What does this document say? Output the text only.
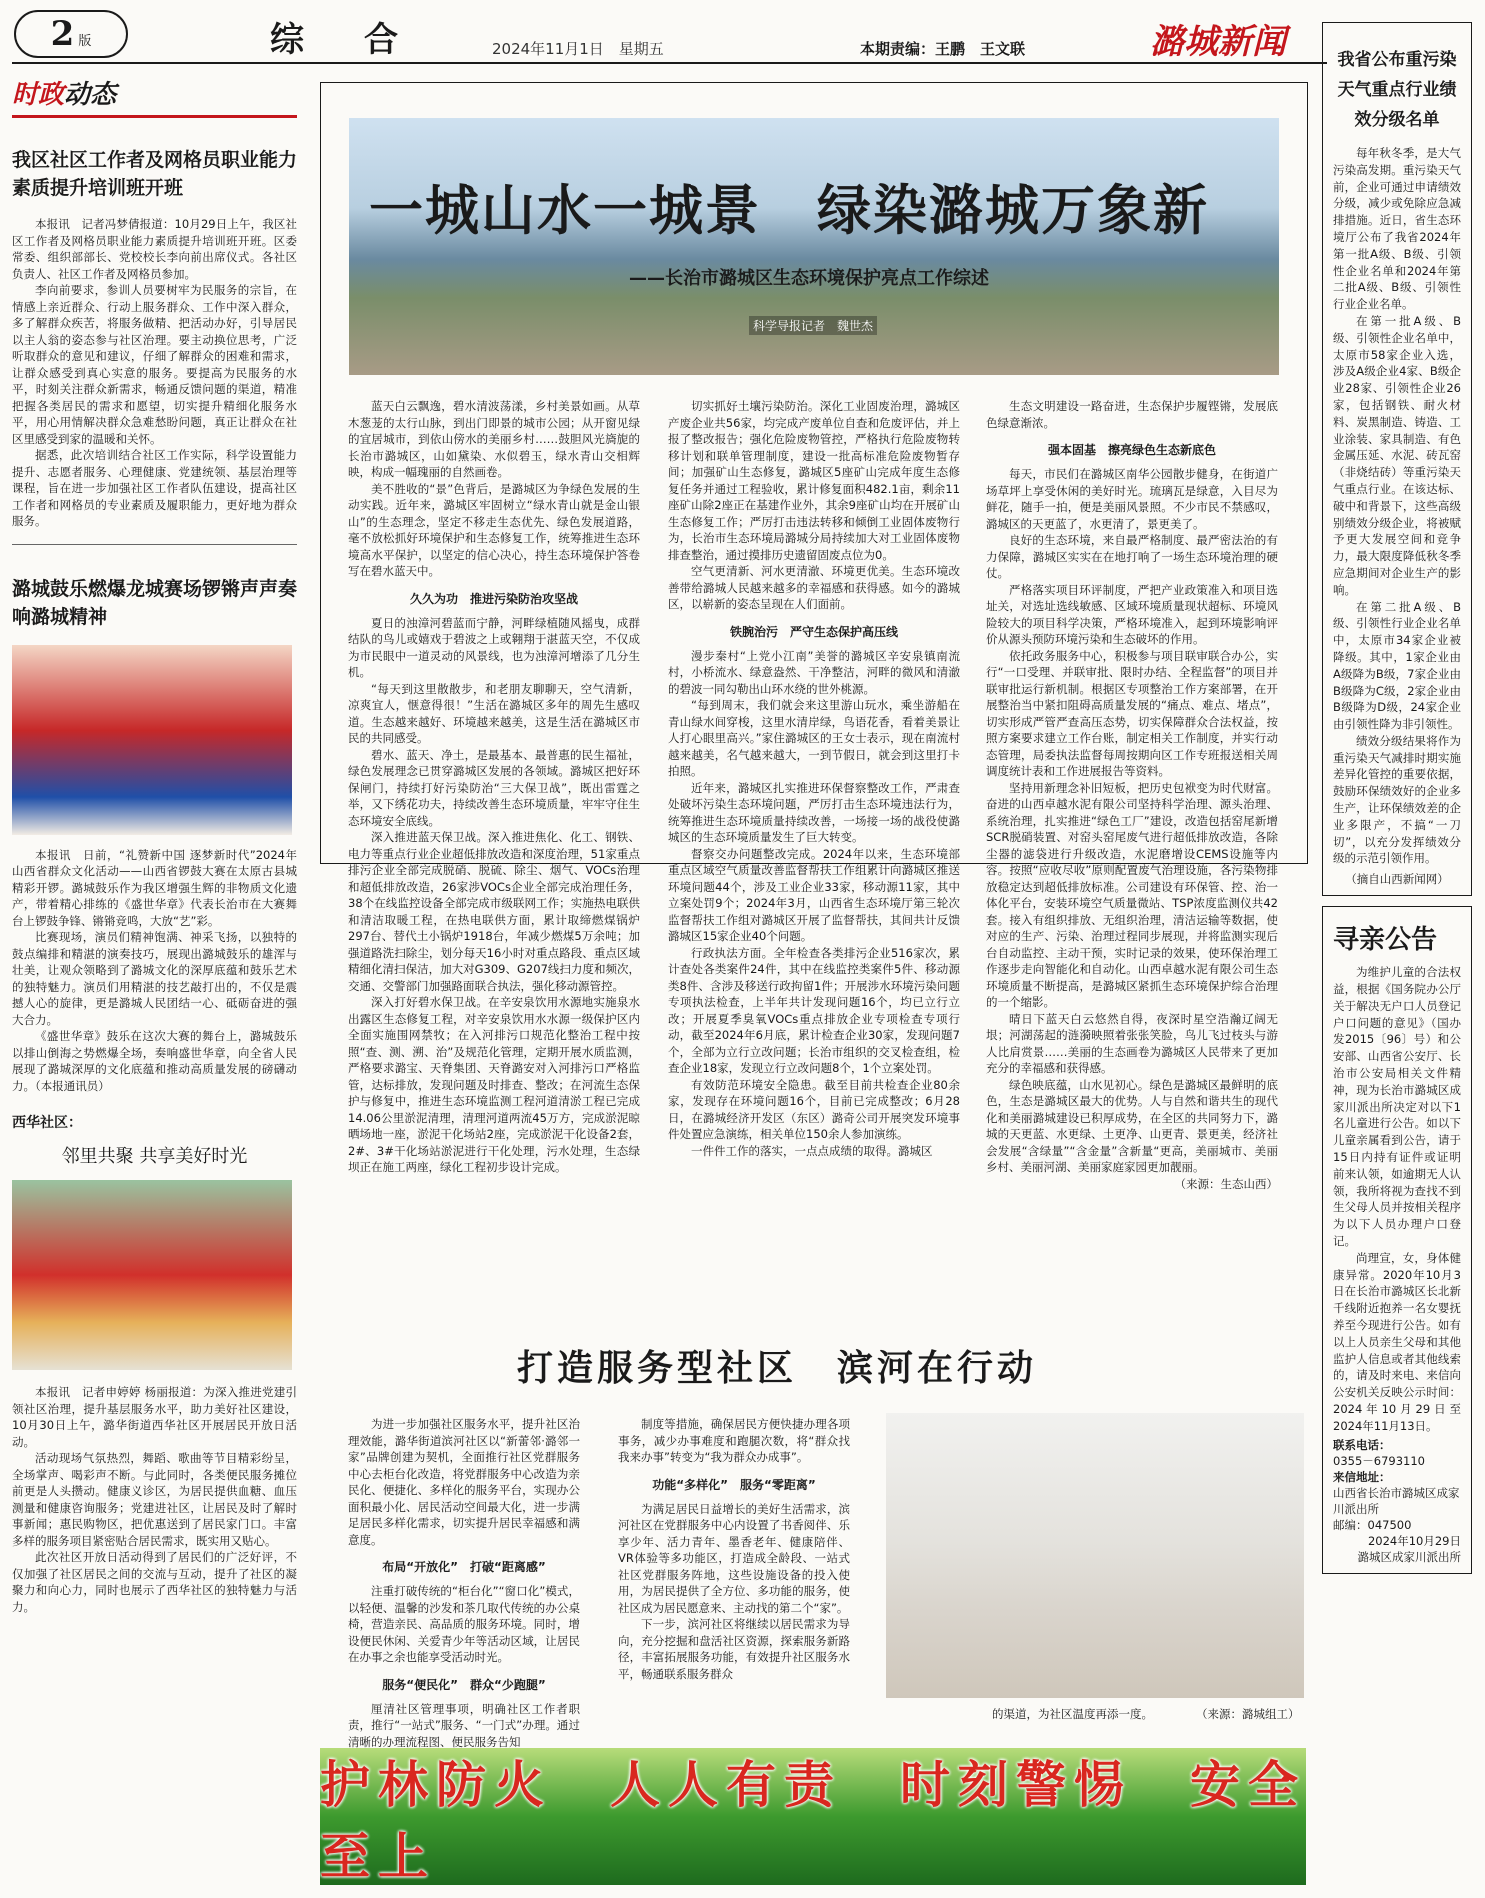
2 版	综合 2024年11月1日　星期五	本期责编：王鹏　王文联	潞城新闻
时政动态
我区社区工作者及网格员职业能力素质提升培训班开班

本报讯　记者冯梦倩报道：10月29日上午，我区社区工作者及网格员职业能力素质提升培训班开班。区委常委、组织部部长、党校校长李向前出席仪式。各社区负责人、社区工作者及网格员参加。

李向前要求，参训人员要树牢为民服务的宗旨，在情感上亲近群众、行动上服务群众、工作中深入群众，多了解群众疾苦，将服务做精、把活动办好，引导居民以主人翁的姿态参与社区治理。要主动换位思考，广泛听取群众的意见和建议，仔细了解群众的困难和需求，让群众感受到真心实意的服务。要提高为民服务的水平，时刻关注群众新需求，畅通反馈问题的渠道，精准把握各类居民的需求和愿望，切实提升精细化服务水平，用心用情解决群众急难愁盼问题，真正让群众在社区里感受到家的温暖和关怀。

据悉，此次培训结合社区工作实际，科学设置能力提升、志愿者服务、心理健康、党建统领、基层治理等课程，旨在进一步加强社区工作者队伍建设，提高社区工作者和网格员的专业素质及履职能力，更好地为群众服务。

潞城鼓乐燃爆龙城赛场锣锵声声奏响潞城精神

本报讯　日前，“礼赞新中国 逐梦新时代”2024年山西省群众文化活动——山西省锣鼓大赛在太原古县城精彩开锣。潞城鼓乐作为我区增强生辉的非物质文化遗产，带着精心排练的《盛世华章》代表长治市在大赛舞台上锣鼓争锋、锵锵竞鸣，大放“艺”彩。

比赛现场，演员们精神饱满、神采飞扬，以独特的鼓点编排和精湛的演奏技巧，展现出潞城鼓乐的雄浑与壮美，让观众领略到了潞城文化的深厚底蕴和鼓乐艺术的独特魅力。演员们用精湛的技艺敲打出的，不仅是震撼人心的旋律，更是潞城人民团结一心、砥砺奋进的强大合力。

《盛世华章》鼓乐在这次大赛的舞台上，潞城鼓乐以排山倒海之势燃爆全场，奏响盛世华章，向全省人民展现了潞城深厚的文化底蕴和推动高质量发展的磅礴动力。（本报通讯员）

西华社区：
邻里共聚 共享美好时光

本报讯　记者申婷婷 杨丽报道：为深入推进党建引领社区治理，提升基层服务水平，助力美好社区建设，10月30日上午，潞华街道西华社区开展居民开放日活动。

活动现场气氛热烈，舞蹈、歌曲等节目精彩纷呈，全场掌声、喝彩声不断。与此同时，各类便民服务摊位前更是人头攒动。健康义诊区，为居民提供血糖、血压测量和健康咨询服务；党建进社区，让居民及时了解时事新闻；惠民购物区，把优惠送到了居民家门口。丰富多样的服务项目紧密贴合居民需求，既实用又贴心。

此次社区开放日活动得到了居民们的广泛好评，不仅加强了社区居民之间的交流与互动，提升了社区的凝聚力和向心力，同时也展示了西华社区的独特魅力与活力。

一城山水一城景　绿染潞城万象新
——长治市潞城区生态环境保护亮点工作综述
科学导报记者　魏世杰

蓝天白云飘逸，碧水清波荡漾，乡村美景如画。从草木葱茏的太行山脉，到出门即景的城市公园；从开窗见绿的宜居城市，到依山傍水的美丽乡村……鼓胆风光旖旎的长治市潞城区，山如黛染、水似碧玉，绿水青山交相辉映，构成一幅瑰丽的自然画卷。

美不胜收的“景”色背后，是潞城区为争绿色发展的生动实践。近年来，潞城区牢固树立“绿水青山就是金山银山”的生态理念，坚定不移走生态优先、绿色发展道路，毫不放松抓好环境保护和生态修复工作，统筹推进生态环境高水平保护，以坚定的信心决心，持生态环境保护答卷写在碧水蓝天中。

久久为功　推进污染防治攻坚战

夏日的浊漳河碧蓝而宁静，河畔绿植随风摇曳，成群结队的鸟儿或嬉戏于碧波之上或翱翔于湛蓝天空，不仅成为市民眼中一道灵动的风景线，也为浊漳河增添了几分生机。

“每天到这里散散步，和老朋友聊聊天，空气清新，凉爽宜人，惬意得很！”生活在潞城区多年的周先生感叹道。生态越来越好、环境越来越美，这是生活在潞城区市民的共同感受。

碧水、蓝天、净土，是最基本、最普惠的民生福祉，绿色发展理念已贯穿潞城区发展的各领域。潞城区把好环保闸门，持续打好污染防治“三大保卫战”，既出雷霆之举，又下绣花功夫，持续改善生态环境质量，牢牢守住生态环境安全底线。

深入推进蓝天保卫战。深入推进焦化、化工、钢铁、电力等重点行业企业超低排放改造和深度治理，51家重点排污企业全部完成脱硝、脱硫、除尘、烟气、VOCs治理和超低排放改造，26家涉VOCs企业全部完成治理任务，38个在线监控设备全部完成市级联网工作；实施热电联供和清洁取暖工程，在热电联供方面，累计取缔燃煤锅炉297台、替代土小锅炉1918台，年减少燃煤5万余吨；加强道路洗扫除尘，划分每天16小时对重点路段、重点区域精细化清扫保洁，加大对G309、G207线扫力度和频次，交通、交警部门加强路面联合执法，强化移动源管控。

深入打好碧水保卫战。在辛安泉饮用水源地实施泉水出露区生态修复工程，对辛安泉饮用水水源一级保护区内全面实施围网禁牧；在入河排污口规范化整治工程中按照“查、测、溯、治”及规范化管理，定期开展水质监测，严格要求潞宝、天脊集团、天脊潞安对入河排污口严格监管，达标排放，发现问题及时排查、整改；在河流生态保护与修复中，推进生态环境监测工程河道清淤工程已完成14.06公里淤泥清理，清理河道两流45万方，完成淤泥晾晒场地一座，淤泥干化场站2座，完成淤泥干化设备2套，2#、3#干化场站淤泥进行干化处理，污水处理，生态绿坝正在施工两座，绿化工程初步设计完成。

切实抓好土壤污染防治。深化工业固废治理，潞城区产废企业共56家，均完成产废单位自查和危废评估，并上报了整改报告；强化危险废物管控，严格执行危险废物转移计划和联单管理制度，建设一批高标准危险废物暂存间；加强矿山生态修复，潞城区5座矿山完成年度生态修复任务并通过工程验收，累计修复面积482.1亩，剩余11座矿山除2座正在基建作业外，其余9座矿山均在开展矿山生态修复工作；严厉打击违法转移和倾倒工业固体废物行为，长治市生态环境局潞城分局持续加大对工业固体废物排查整治，通过摸排历史遗留固废点位为0。

空气更清新、河水更清澈、环境更优美。生态环境改善带给潞城人民越来越多的幸福感和获得感。如今的潞城区，以崭新的姿态呈现在人们面前。

铁腕治污　严守生态保护高压线

漫步秦村“上党小江南”美誉的潞城区辛安泉镇南流村，小桥流水、绿意盎然、干净整洁，河畔的微风和清澈的碧波一同勾勒出山环水绕的世外桃源。

“每到周末，我们就会来这里游山玩水，乘坐游船在青山绿水间穿梭，这里水清岸绿，鸟语花香，看着美景让人打心眼里高兴。”家住潞城区的王女士表示，现在南流村越来越美，名气越来越大，一到节假日，就会到这里打卡拍照。

近年来，潞城区扎实推进环保督察整改工作，严肃查处破坏污染生态环境问题，严厉打击生态环境违法行为，统筹推进生态环境质量持续改善，一场接一场的战役使潞城区的生态环境质量发生了巨大转变。

督察交办问题整改完成。2024年以来，生态环境部重点区域空气质量改善监督帮扶工作组累计向潞城区推送环境问题44个，涉及工业企业33家，移动源11家，其中立案处罚9个；2024年3月，山西省生态环境厅第三轮次监督帮扶工作组对潞城区开展了监督帮扶，其间共计反馈潞城区15家企业40个问题。

行政执法方面。全年检查各类排污企业516家次，累计查处各类案件24件，其中在线监控类案件5件、移动源类8件、含涉及移送行政拘留1件；开展涉水环境污染问题专项执法检查，上半年共计发现问题16个，均已立行立改；开展夏季臭氧VOCs重点排放企业专项检查专项行动，截至2024年6月底，累计检查企业30家，发现问题7个，全部为立行立改问题；长治市组织的交叉检查组，检查企业18家，发现立行立改问题8个，1个立案处罚。

有效防范环境安全隐患。截至目前共检查企业80余家，发现存在环境问题16个，目前已完成整改；6月28日，在潞城经济开发区（东区）潞奇公司开展突发环境事件处置应急演练，相关单位150余人参加演练。

一件件工作的落实，一点点成绩的取得。潞城区

生态文明建设一路奋进，生态保护步履铿锵，发展底色绿意渐浓。

强本固基　擦亮绿色生态新底色

每天，市民们在潞城区南华公园散步健身，在街道广场草坪上享受休闲的美好时光。琉璃瓦是绿意，入目尽为鲜花，随手一拍，便是美丽风景照。不少市民不禁感叹，潞城区的天更蓝了，水更清了，景更美了。

良好的生态环境，来自最严格制度、最严密法治的有力保障，潞城区实实在在地打响了一场生态环境治理的硬仗。

严格落实项目环评制度，严把产业政策准入和项目选址关，对选址选线敏感、区域环境质量现状超标、环境风险较大的项目科学决策，严格环境准入，起到环境影响评价从源头预防环境污染和生态破坏的作用。

依托政务服务中心，积极参与项目联审联合办公，实行“一口受理、并联审批、限时办结、全程监督”的项目并联审批运行新机制。根据区专项整治工作方案部署，在开展整治当中紧扣阻碍高质量发展的“痛点、难点、堵点”，切实形成严管严查高压态势，切实保障群众合法权益，按照方案要求建立工作台账，制定相关工作制度，并实行动态管理，局委执法监督每周按期向区工作专班报送相关周调度统计表和工作进展报告等资料。

坚持用新理念补旧短板，把历史包袱变为时代财富。奋进的山西卓越水泥有限公司坚持科学治理、源头治理、系统治理，扎实推进“绿色工厂”建设，改造包括窑尾新增SCR脱硝装置、对窑头窑尾废气进行超低排放改造，各除尘器的滤袋进行升级改造，水泥磨增设CEMS设施等内容。按照“应收尽收”原则配置废气治理设施，各污染物排放稳定达到超低排放标准。公司建设有环保管、控、治一体化平台，安装环境空气质量微站、TSP浓度监测仪共42套。接入有组织排放、无组织治理，清洁运输等数据，使对应的生产、污染、治理过程同步展现，并将监测实现后台自动监控、主动干预，实时记录的效果，使环保治理工作逐步走向智能化和自动化。山西卓越水泥有限公司生态环境质量不断提高，是潞城区紧抓生态环境保护综合治理的一个缩影。

晴日下蓝天白云悠然自得，夜深时星空浩瀚辽阔无垠；河湖荡起的涟漪映照着张张笑脸，鸟儿飞过枝头与游人比肩赏景……美丽的生态画卷为潞城区人民带来了更加充分的幸福感和获得感。

绿色映底蕴，山水见初心。绿色是潞城区最鲜明的底色，生态是潞城区最大的优势。人与自然和谐共生的现代化和美丽潞城建设已积厚成势，在全区的共同努力下，潞城的天更蓝、水更绿、土更净、山更青、景更美，经济社会发展“含绿量”“含金量”含新量“更高，美丽城市、美丽乡村、美丽河湖、美丽家庭家园更加靓丽。

（来源：生态山西）
打造服务型社区　滨河在行动

为进一步加强社区服务水平，提升社区治理效能，潞华街道滨河社区以“新蕾邻·潞邻一家”品牌创建为契机，全面推行社区党群服务中心去柜台化改造，将党群服务中心改造为亲民化、便捷化、多样化的服务平台，实现办公面积最小化、居民活动空间最大化，进一步满足居民多样化需求，切实提升居民幸福感和满意度。

布局“开放化”　打破“距离感”

注重打破传统的“柜台化”“窗口化”模式，以轻便、温馨的沙发和茶几取代传统的办公桌椅，营造亲民、高品质的服务环境。同时，增设便民休闲、关爱青少年等活动区域，让居民在办事之余也能享受活动时光。

服务“便民化”　群众“少跑腿”

厘清社区管理事项，明确社区工作者职责，推行“一站式”服务、“一门式”办理。通过清晰的办理流程图、便民服务告知

制度等措施，确保居民方便快捷办理各项事务，减少办事难度和跑腿次数，将“群众找我来办事”转变为“我为群众办成事”。

功能“多样化”　服务“零距离”

为满足居民日益增长的美好生活需求，滨河社区在党群服务中心内设置了书香阅伴、乐享少年、活力青年、墨香老年、健康陪伴、VR体验等多功能区，打造成全龄段、一站式社区党群服务阵地，这些设施设备的投入使用，为居民提供了全方位、多功能的服务，使社区成为居民愿意来、主动找的第二个“家”。

下一步，滨河社区将继续以居民需求为导向，充分挖掘和盘活社区资源，探索服务新路径，丰富拓展服务功能，有效提升社区服务水平，畅通联系服务群众

的渠道，为社区温度再添一度。	（来源：潞城组工）
护林防火　人人有责　时刻警惕　安全至上
我省公布重污染天气重点行业绩效分级名单

每年秋冬季，是大气污染高发期。重污染天气前，企业可通过申请绩效分级，减少或免除应急减排措施。近日，省生态环境厅公布了我省2024年第一批A级、B级、引领性企业名单和2024年第二批A级、B级、引领性行业企业名单。

在第一批A级、B级、引领性企业名单中，太原市58家企业入选，涉及A级企业4家、B级企业28家、引领性企业26家，包括钢铁、耐火材料、炭黑制造、铸造、工业涂装、家具制造、有色金属压延、水泥、砖瓦窑（非烧结砖）等重污染天气重点行业。在该达标、破中和背景下，这些高级别绩效分级企业，将被赋予更大发展空间和竞争力，最大限度降低秋冬季应急期间对企业生产的影响。

在第二批A级、B级、引领性行业企业名单中，太原市34家企业被降级。其中，1家企业由A级降为B级，7家企业由B级降为C级，2家企业由B级降为D级，24家企业由引领性降为非引领性。

绩效分级结果将作为重污染天气减排时期实施差异化管控的重要依据，鼓励环保绩效好的企业多生产，让环保绩效差的企业多限产，不搞“一刀切”，以充分发挥绩效分级的示范引领作用。

（摘自山西新闻网）
寻亲公告

为维护儿童的合法权益，根据《国务院办公厅关于解决无户口人员登记户口问题的意见》（国办发2015〔96〕号）和公安部、山西省公安厅、长治市公安局相关文件精神，现为长治市潞城区成家川派出所决定对以下1名儿童进行公告。如以下儿童亲属看到公告，请于15日内持有证件或证明前来认领，如逾期无人认领，我所将视为查找不到生父母人员并按相关程序为以下人员办理户口登记。

尚理宣，女，身体健康异常。2020年10月3日在长治市潞城区长北新千线附近抱养一名女婴抚养至今现进行公告。如有以上人员亲生父母和其他监护人信息或者其他线索的，请及时来电、来信向公安机关反映公示时间：2024年10月29日至2024年11月13日。

联系电话：
0355－6793110
来信地址：
山西省长治市潞城区成家川派出所
邮编：047500
2024年10月29日
潞城区成家川派出所
